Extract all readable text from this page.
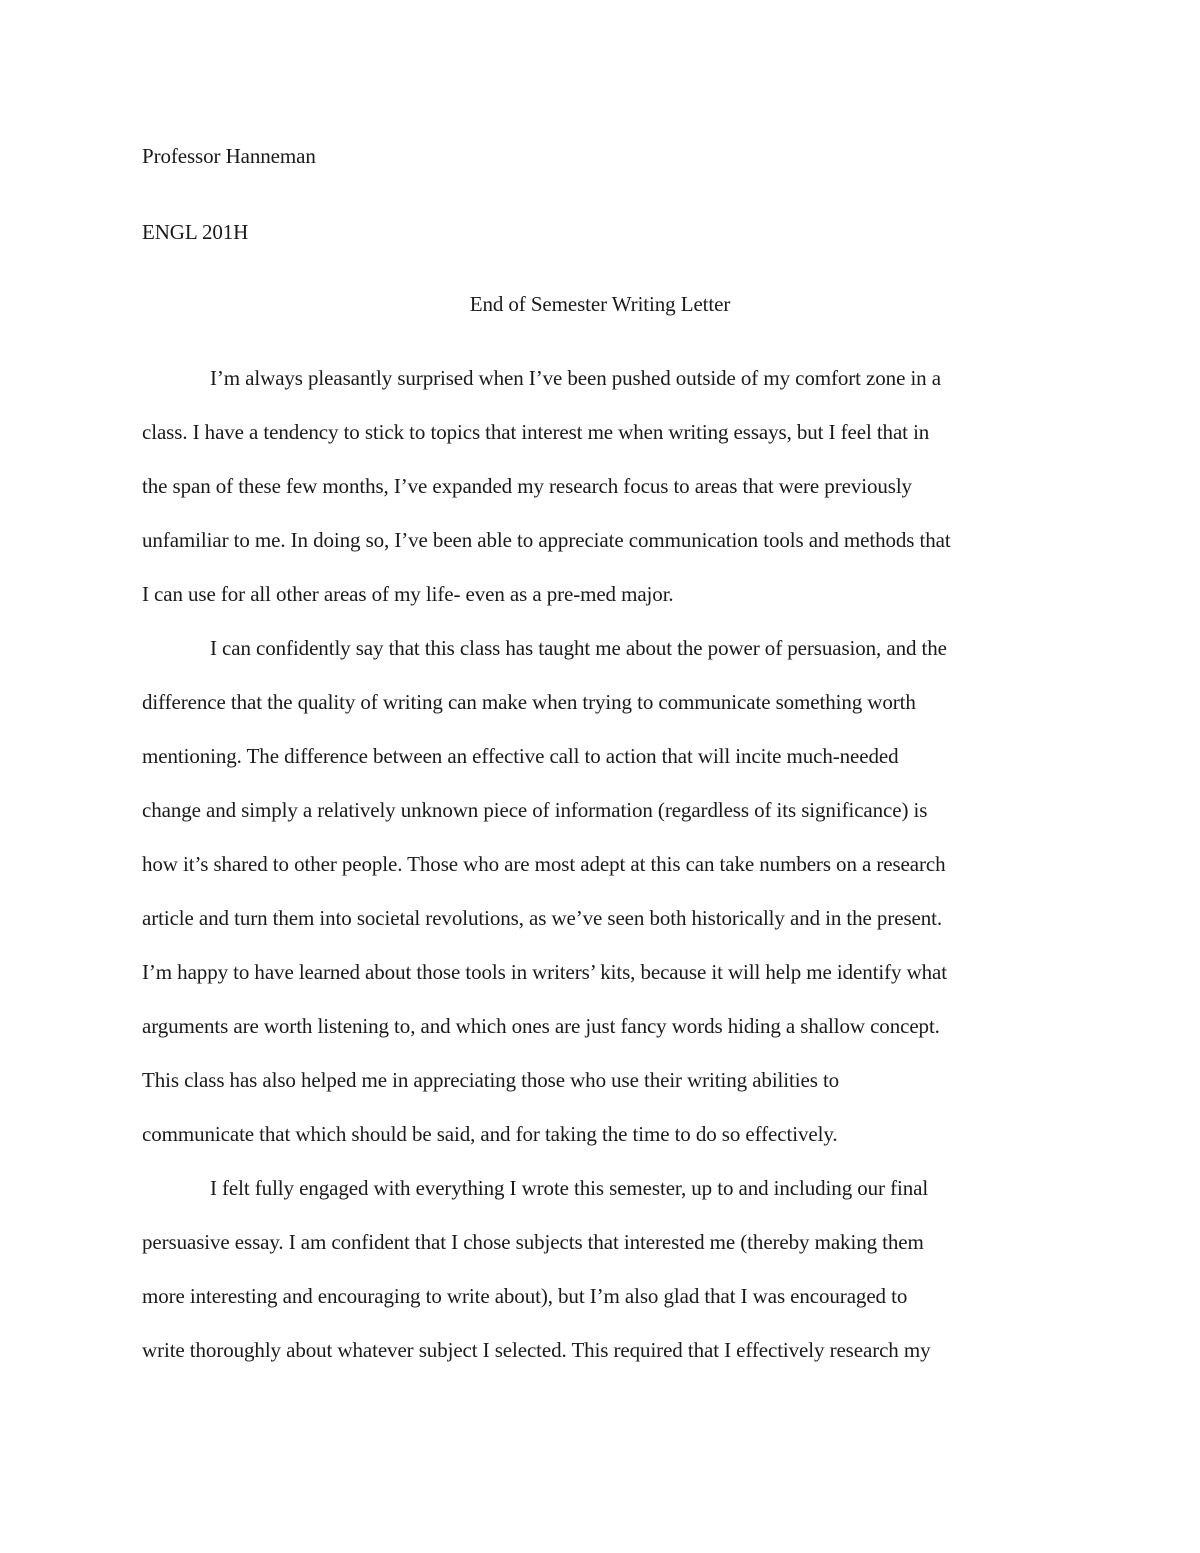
Professor Hanneman
ENGL 201H
End of Semester Writing Letter
I’m always pleasantly surprised when I’ve been pushed outside of my comfort zone in a
class. I have a tendency to stick to topics that interest me when writing essays, but I feel that in
the span of these few months, I’ve expanded my research focus to areas that were previously
unfamiliar to me. In doing so, I’ve been able to appreciate communication tools and methods that
I can use for all other areas of my life- even as a pre-med major.
I can confidently say that this class has taught me about the power of persuasion, and the
difference that the quality of writing can make when trying to communicate something worth
mentioning. The difference between an effective call to action that will incite much-needed
change and simply a relatively unknown piece of information (regardless of its significance) is
how it’s shared to other people. Those who are most adept at this can take numbers on a research
article and turn them into societal revolutions, as we’ve seen both historically and in the present.
I’m happy to have learned about those tools in writers’ kits, because it will help me identify what
arguments are worth listening to, and which ones are just fancy words hiding a shallow concept.
This class has also helped me in appreciating those who use their writing abilities to
communicate that which should be said, and for taking the time to do so effectively.
I felt fully engaged with everything I wrote this semester, up to and including our final
persuasive essay. I am confident that I chose subjects that interested me (thereby making them
more interesting and encouraging to write about), but I’m also glad that I was encouraged to
write thoroughly about whatever subject I selected. This required that I effectively research my
